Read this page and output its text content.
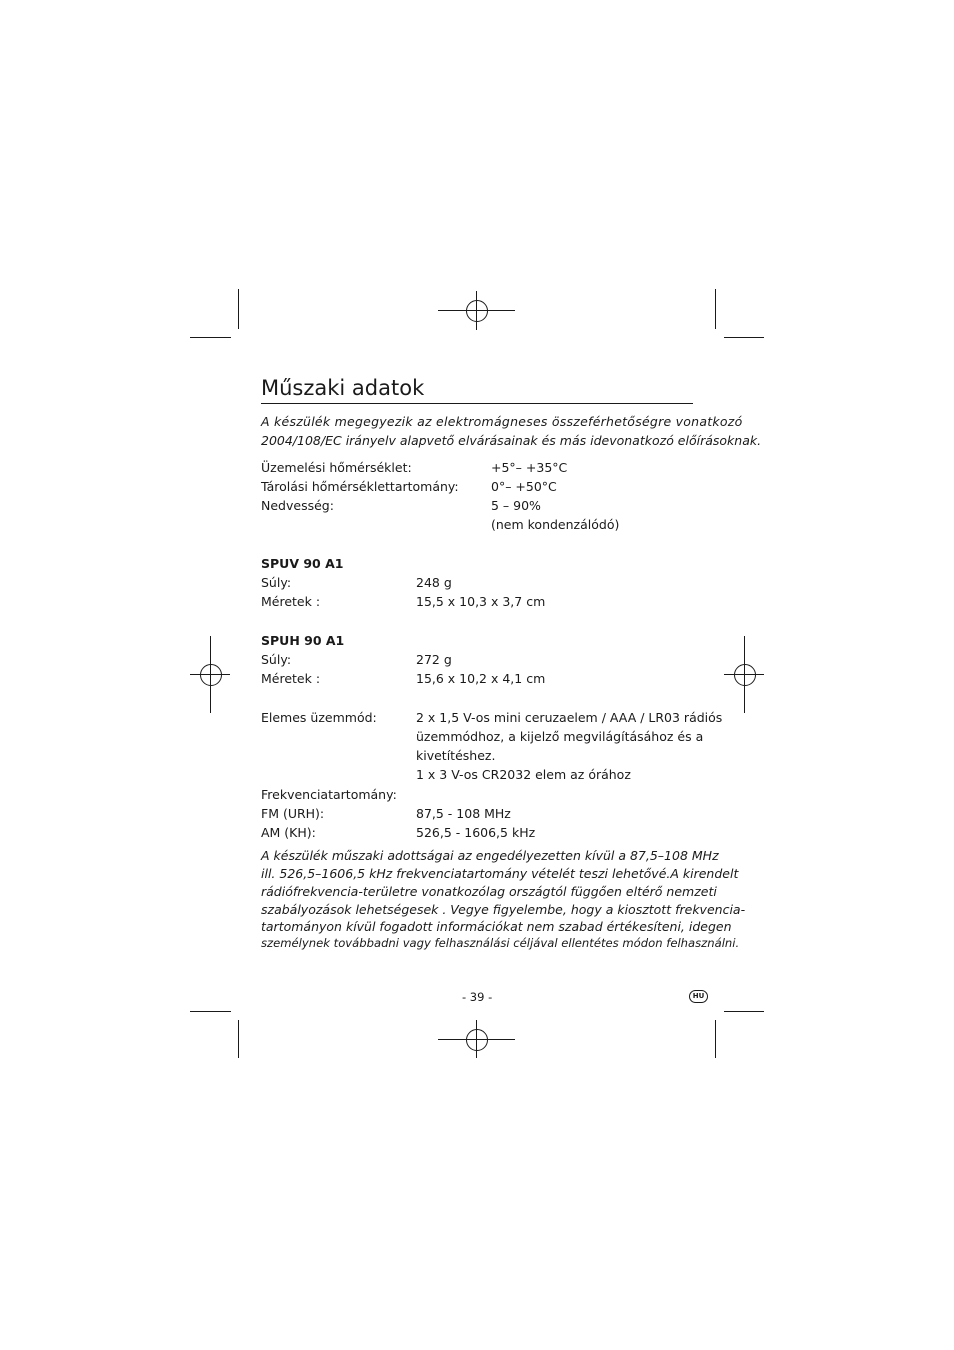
Műszaki adatok
A készülék megegyezik az elektromágneses összeférhetőségre vonatkozó
2004/108/EC irányelv alapvető elvárásainak és más idevonatkozó előírásoknak.
Üzemelési hőmérséklet:	+5°– +35°C
Tárolási hőmérséklettartomány:	0°– +50°C
Nedvesség:	5 – 90%
(nem kondenzálódó)
SPUV 90 A1
Súly:	248 g
Méretek :	15,5 x 10,3 x 3,7 cm
SPUH 90 A1
Súly:	272 g
Méretek :	15,6 x 10,2 x 4,1 cm
Elemes üzemmód:	2 x 1,5 V-os mini ceruzaelem / AAA / LR03 rádiós
üzemmódhoz, a kijelző megvilágításához és a
kivetítéshez.
1 x 3 V-os CR2032 elem az órához
Frekvenciatartomány:
FM (URH):	87,5 - 108 MHz
AM (KH):	526,5 - 1606,5 kHz
A készülék műszaki adottságai az engedélyezetten kívül a 87,5–108 MHz
ill. 526,5–1606,5 kHz frekvenciatartomány vételét teszi lehetővé.A kirendelt
rádiófrekvencia-területre vonatkozólag országtól függően eltérő nemzeti
szabályozások lehetségesek . Vegye figyelembe, hogy a kiosztott frekvencia-
tartományon kívül fogadott információkat nem szabad értékesíteni, idegen
személynek továbbadni vagy felhasználási céljával ellentétes módon felhasználni.
- 39 -	HU
